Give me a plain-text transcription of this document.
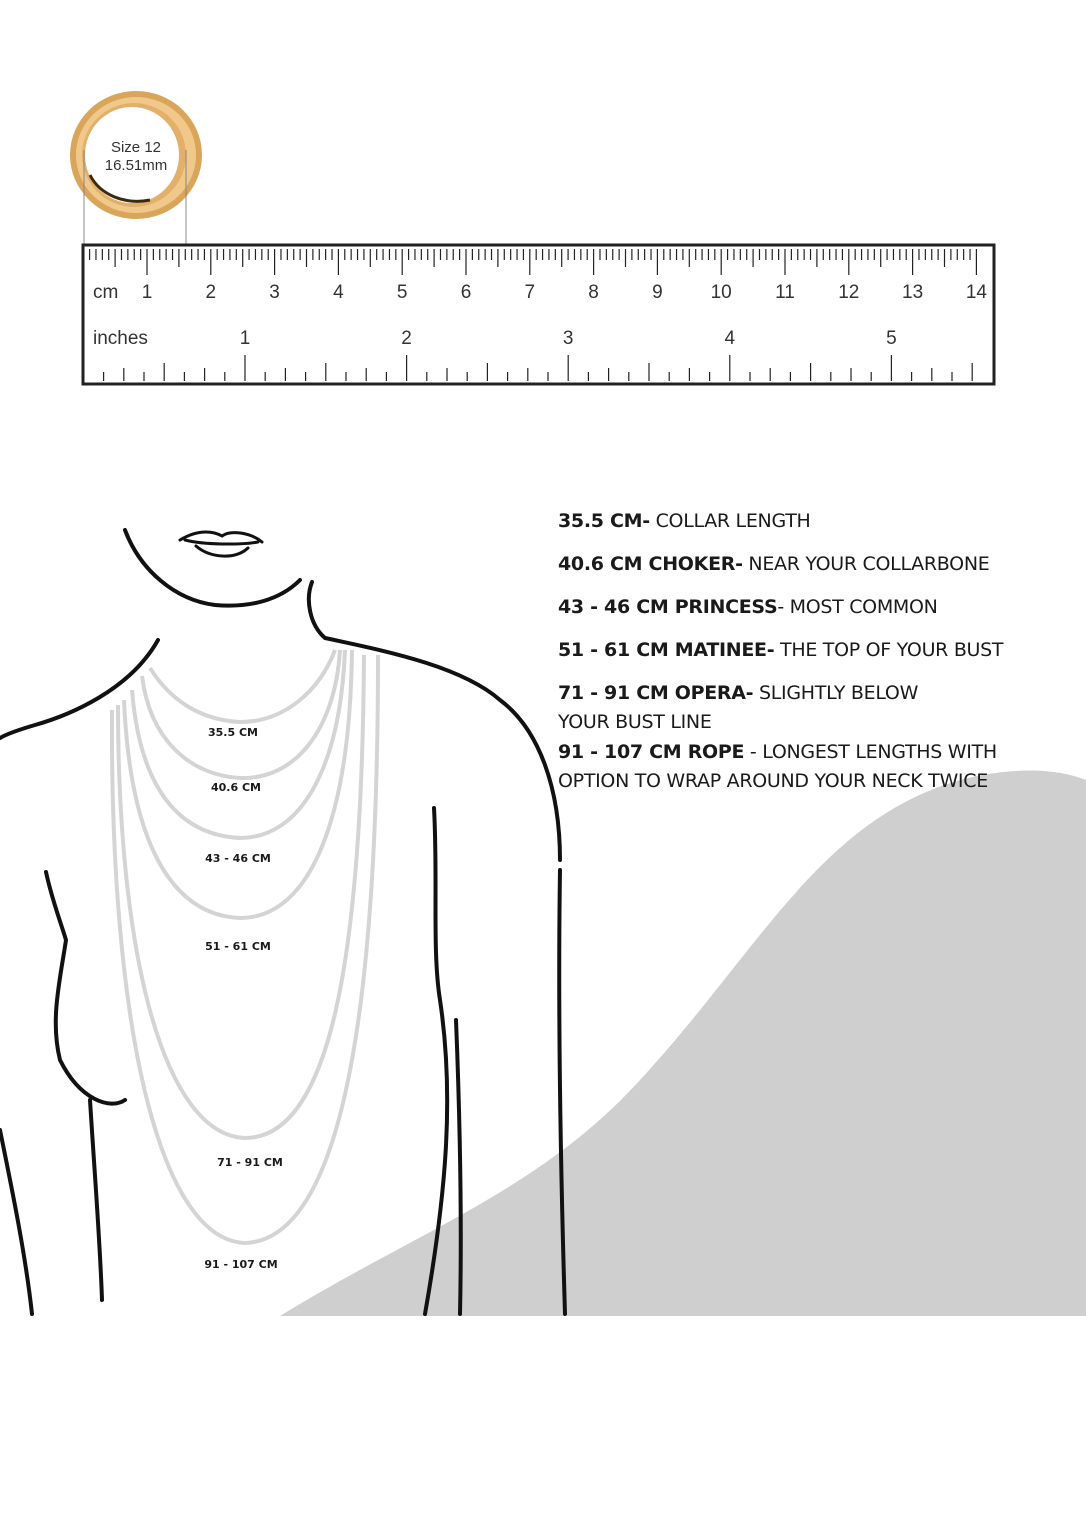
Size 12
16.51mm
cm
inches
1	2	3	4	5	6	7	8	9	10 11 12 13 14
1	2	3	4	5
35.5 CM- COLLAR LENGTH
40.6 CM CHOKER- NEAR YOUR COLLARBONE
43 - 46 CM PRINCESS- MOST COMMON
51 - 61 CM MATINEE- THE TOP OF YOUR BUST
71 - 91 CM OPERA- SLIGHTLY BELOW
YOUR BUST LINE
91 - 107 CM ROPE - LONGEST LENGTHS WITH
OPTION TO WRAP AROUND YOUR NECK TWICE
35.5 CM
40.6 CM
43 - 46 CM
51 - 61 CM
71 - 91 CM
91 - 107 CM
